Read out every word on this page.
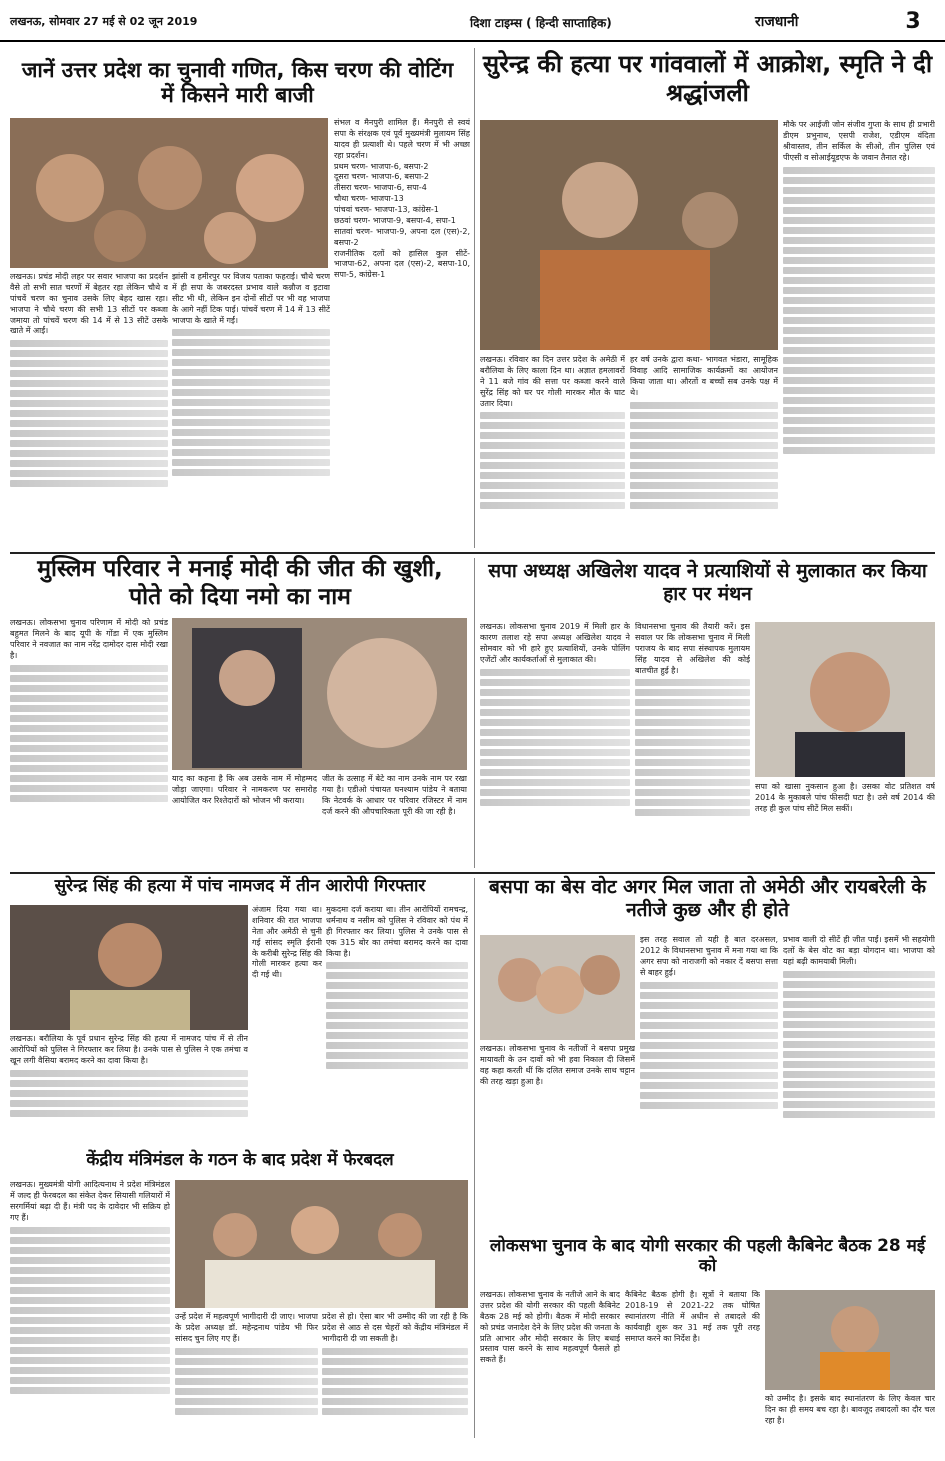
लखनऊ, सोमवार 27 मई से 02 जून 2019	दिशा टाइम्स ( हिन्दी साप्ताहिक)	राजधानी	3
जानें उत्तर प्रदेश का चुनावी गणित, किस चरण की वोटिंग में किसने मारी बाजी
लखनऊ। प्रचंड मोदी लहर पर सवार भाजपा का प्रदर्शन वैसे तो सभी सात चरणों में बेहतर रहा लेकिन चौथे व पांचवें चरण का चुनाव उसके लिए बेहद खास रहा। भाजपा ने चौथे चरण की सभी 13 सीटों पर कब्जा जमाया तो पांचवें चरण की 14 में से 13 सीटें उसके खाते में आईं।
झांसी व हमीरपुर पर विजय पताका फहराई। चौथे चरण में ही सपा के जबरदस्त प्रभाव वाले कन्नौज व इटावा सीट भी थी, लेकिन इन दोनों सीटों पर भी वह भाजपा के आगे नहीं टिक पाई। पांचवें चरण में 14 में 13 सीटें भाजपा के खाते में गईं।
संभल व मैनपुरी शामिल हैं। मैनपुरी से स्वयं सपा के संरक्षक एवं पूर्व मुख्यमंत्री मुलायम सिंह यादव ही प्रत्याशी थे। पहले चरण में भी अच्छा रहा प्रदर्शन।
प्रथम चरण- भाजपा-6, बसपा-2
दूसरा चरण- भाजपा-6, बसपा-2
तीसरा चरण- भाजपा-6, सपा-4
चौथा चरण- भाजपा-13
पांचवां चरण- भाजपा-13, कांग्रेस-1
छठवां चरण- भाजपा-9, बसपा-4, सपा-1
सातवां चरण- भाजपा-9, अपना दल (एस)-2, बसपा-2
राजनीतिक दलों को हासिल कुल सीटें- भाजपा-62, अपना दल (एस)-2, बसपा-10, सपा-5, कांग्रेस-1
सुरेन्द्र की हत्या पर गांववालों में आक्रोश, स्मृति ने दी श्रद्धांजली
लखनऊ। रविवार का दिन उत्तर प्रदेश के अमेठी में बरौलिया के लिए काला दिन था। अज्ञात हमलावरों ने 11 बजे गांव की सत्ता पर कब्जा करने वाले सुरेंद्र सिंह को घर पर गोली मारकर मौत के घाट उतार दिया।
हर वर्ष उनके द्वारा कथा- भागवत भंडारा, सामूहिक विवाह आदि सामाजिक कार्यक्रमों का आयोजन किया जाता था। औरतों व बच्चों सब उनके पक्ष में थे।
मौके पर आईजी जोन संजीव गुप्ता के साथ ही प्रभारी डीएम प्रभुनाथ, एसपी राजेश, एडीएम वंदिता श्रीवास्तव, तीन सर्किल के सीओ, तीन पुलिस एवं पीएसी व सोआईयूडएफ के जवान तैनात रहे।
मुस्लिम परिवार ने मनाई मोदी की जीत की खुशी, पोते को दिया नमो का नाम
लखनऊ। लोकसभा चुनाव परिणाम में मोदी को प्रचंड बहुमत मिलने के बाद यूपी के गोंडा में एक मुस्लिम परिवार ने नवजात का नाम नरेंद्र दामोदर दास मोदी रखा है।
याद का कहना है कि अब उसके नाम में मोहम्मद जोड़ा जाएगा। परिवार ने नामकरण पर समारोह आयोजित कर रिश्तेदारों को भोजन भी कराया।
जीत के उत्साह में बेटे का नाम उनके नाम पर रखा गया है। एडीओ पंचायत घनश्याम पांडेय ने बताया कि नेटवर्क के आधार पर परिवार रजिस्टर में नाम दर्ज करने की औपचारिकता पूरी की जा रही है।
सपा अध्यक्ष अखिलेश यादव ने प्रत्याशियों से मुलाकात कर किया हार पर मंथन
लखनऊ। लोकसभा चुनाव 2019 में मिली हार के कारण तलाश रहे सपा अध्यक्ष अखिलेश यादव ने सोमवार को भी हारे हुए प्रत्याशियों, उनके पोलिंग एजेंटों और कार्यकर्ताओं से मुलाकात की।
विधानसभा चुनाव की तैयारी करें। इस सवाल पर कि लोकसभा चुनाव में मिली पराजय के बाद सपा संस्थापक मुलायम सिंह यादव से अखिलेश की कोई बातचीत हुई है।
सपा को खासा नुकसान हुआ है। उसका वोट प्रतिशत वर्ष 2014 के मुकाबले पांच फीसदी घटा है। उसे वर्ष 2014 की तरह ही कुल पांच सीटें मिल सकीं।
सुरेन्द्र सिंह की हत्या में पांच नामजद में तीन आरोपी गिरफ्तार
लखनऊ। बरौलिया के पूर्व प्रधान सुरेन्द्र सिंह की हत्या में नामजद पांच में से तीन आरोपियों को पुलिस ने गिरफ्तार कर लिया है। उनके पास से पुलिस ने एक तमंचा व खून लगी वैसिया बरामद करने का दावा किया है।
अंजाम दिया गया था। शनिवार की रात भाजपा नेता और अमेठी से चुनी गई सांसद स्मृति ईरानी के करीबी सुरेन्द्र सिंह की गोली मारकर हत्या कर दी गई थी।
मुकदमा दर्ज कराया था। तीन आरोपियों रामचन्द्र, धर्मनाथ व नसीम को पुलिस ने रविवार को पंथ में ही गिरफ्तार कर लिया। पुलिस ने उनके पास से एक 315 बोर का तमंचा बरामद करने का दावा किया है।
बसपा का बेस वोट अगर मिल जाता तो अमेठी और रायबरेली के नतीजे कुछ और ही होते
लखनऊ। लोकसभा चुनाव के नतीजों ने बसपा प्रमुख मायावती के उन दावों को भी हवा निकाल दी जिसमें वह कहा करती थीं कि दलित समाज उनके साथ चट्टान की तरह खड़ा हुआ है।
इस तरह सवाल तो यही है बात दरअसल, 2012 के विधानसभा चुनाव में मना गया था कि अगर सपा को नाराजगी को नकार दें बसपा सत्ता से बाहर हुई।
प्रभाव वाली दो सीटें ही जीत पाईं। इसमें भी सहयोगी दलों के बेस वोट का बड़ा योगदान था। भाजपा को यहां बढ़ी कामयाबी मिली।
केंद्रीय मंत्रिमंडल के गठन के बाद प्रदेश में फेरबदल
लखनऊ। मुख्यमंत्री योगी आदित्यनाथ ने प्रदेश मंत्रिमंडल में जल्द ही फेरबदल का संकेत देकर सियासी गलियारों में सरगर्मियां बढ़ा दी हैं। मंत्री पद के दावेदार भी सक्रिय हो गए हैं।
उन्हें प्रदेश में महत्वपूर्ण भागीदारी दी जाए। भाजपा के प्रदेश अध्यक्ष डॉ. महेन्द्रनाथ पांडेय भी फिर सांसद चुन लिए गए हैं।
प्रदेश से हो। ऐसा बार भी उम्मीद की जा रही है कि प्रदेश से आठ से दस चेहरों को केंद्रीय मंत्रिमंडल में भागीदारी दी जा सकती है।
लोकसभा चुनाव के बाद योगी सरकार की पहली कैबिनेट बैठक 28 मई को
लखनऊ। लोकसभा चुनाव के नतीजे आने के बाद उत्तर प्रदेश की योगी सरकार की पहली कैबिनेट बैठक 28 मई को होगी। बैठक में मोदी सरकार को प्रचंड जनादेश देने के लिए प्रदेश की जनता के प्रति आभार और मोदी सरकार के लिए बधाई प्रस्ताव पास करने के साथ महत्वपूर्ण फैसले हो सकते हैं।
कैबिनेट बैठक होगी है। सूत्रों ने बताया कि 2018-19 से 2021-22 तक घोषित स्थानांतरण नीति में अधीन से तबादले की कार्यवाही शुरू कर 31 मई तक पूरी तरह समाप्त करने का निर्देश है।
को उम्मीद है। इसके बाद स्थानांतरण के लिए केवल चार दिन का ही समय बच रहा है। बावजूद तबादलों का दौर चल रहा है।
